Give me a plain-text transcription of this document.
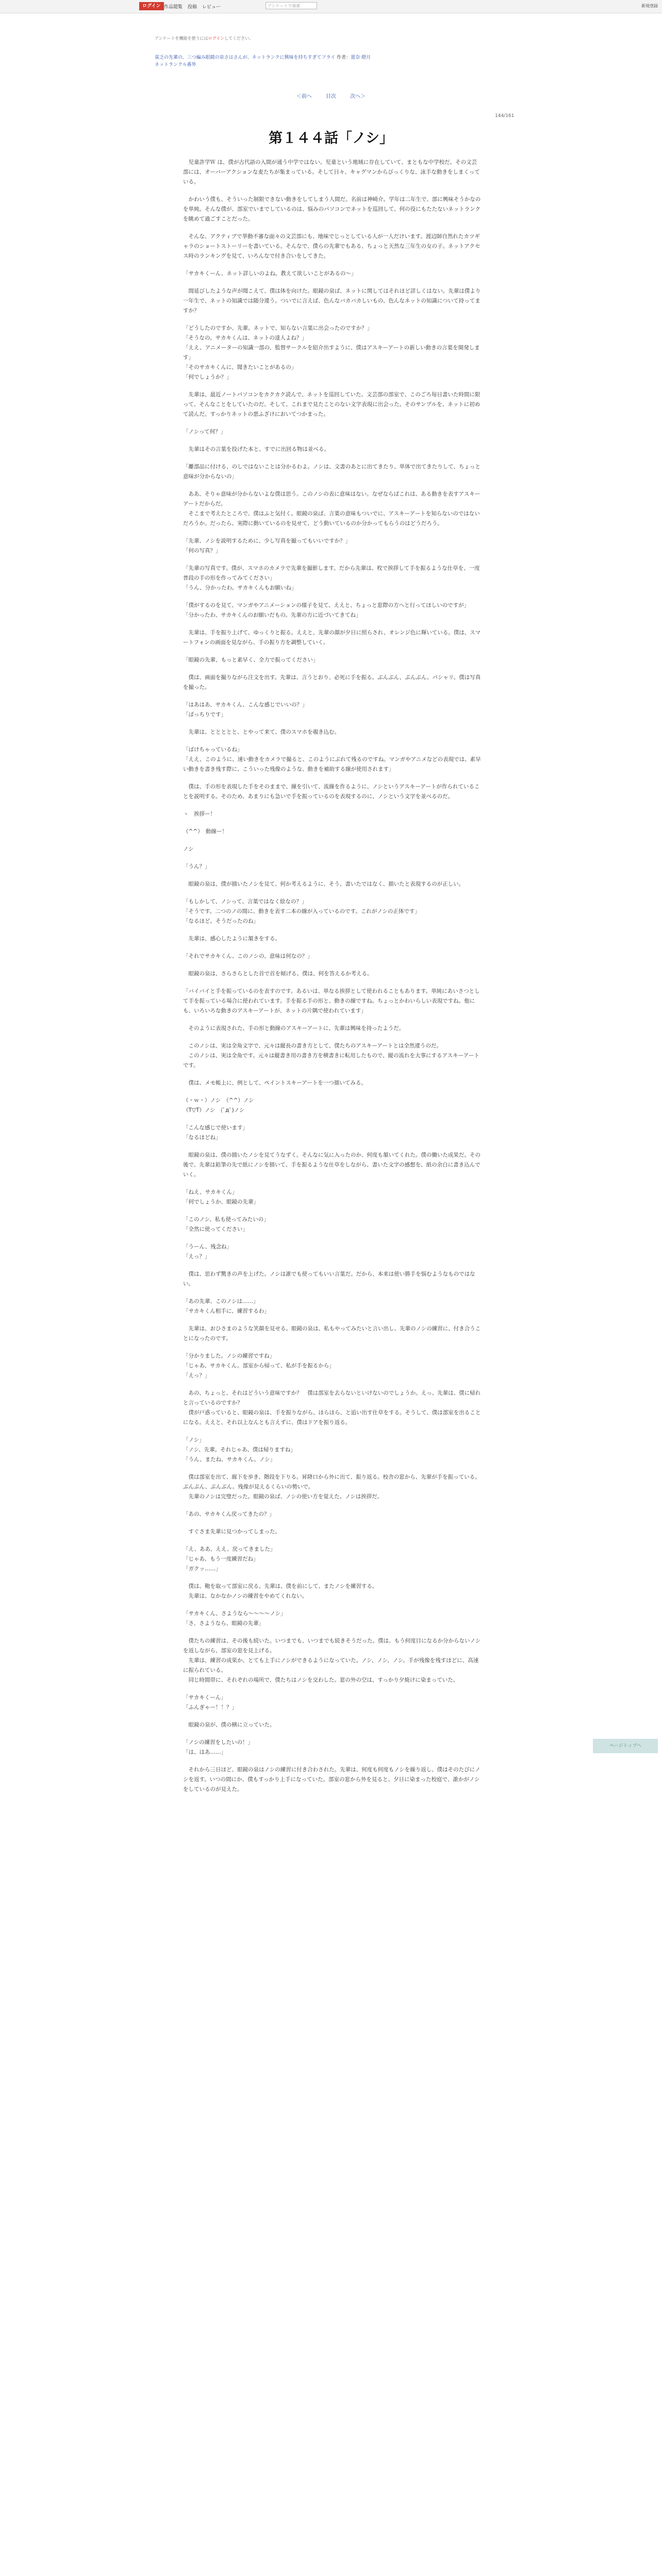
ログイン 作品閲覧 投稿 レビュー	アンケートで探索	新規登録
アンケートを機能を使うにはログインしてください。
貧乏の先輩の、三つ編み眼鏡の泉さはさんが、ネットランクに興味を持ちすぎてフライ 作者：置奈 燈月
ネットランクル番外
＜前へ	目次	次へ＞
144/161
第１４４話「ノシ」

　児童許学Ｗ は、僕が古代語の入間が通う中学ではない。児童という地域に存在していて、まともな中学校だ。その文芸部には、オーバーアクションな麦たちが集まっている。そして日々、キャグマンからびっくりな、泳手な動きをしまくっている。

　かわいう僕も、そういった制限できない動きをしてしまう人間だ。名前は神崎介。学年は二年生で、部に興味そうかなのを単純。そんな僕が、部室でいまでしているのは、悩みのパソコンでネットを巡回して、何の役にもたたないネットランクを眺めて過ごすことだった。

　そんな、アクティブで挙動不審な面々の文芸部にも、地味でじっとしている人が一人だけいます。渡辺師自然れたカツギャラのショートストーリーを書いている。そんなで、僕らの先輩でもある、ちょっと天然な三年生の女の子。ネットアクセス時のランキングを見て、いろんなで付き合いをしてきた。

「サカキくーん、ネット詳しいのよね。教えて欲しいことがあるの～」

　間延びしたような声が聞こえて、僕は体を向けた。眼鏡の泉ぱ、ネットに関してはそれほど詳しくはない。先輩は僕より一年生で、ネットの知識では随分違う。ついでに言えば、色んなバカバカしいもの、色んなネットの知識について持ってますか？

「どうしたのですか、先輩。ネットで、知らない言葉に出会ったのですか？」
「そうなの。サカキくんは、ネットの達人よね？」
「ええ、アニメーターの知識一部の、監督サークルを紹介出すように、僕はアスキーアートの新しい動きの言葉を開発します」
「そのサカキくんに、聞きたいことがあるの」
「何でしょうか？」

　先輩は、最近ノートパソコンをカクカク読んで、ネットを巡回していた。文芸部の部室で、このごろ毎日書いた時間に限って、そんなことをしていたのだ。そして、これまで見たことのない文字表現に出会った。そのサンプルを、ネットに初めて読んだ。すっかりネットの悪ふざけにおいてつかまった。

「ノシって何？」

　先輩はその言葉を投げた本と、すでに出回る物は並べる。

「離部品に付ける、のしではないことは分かるわよ。ノシは、文書のあとに出てきたり、単体で出てきたりして、ちょっと意味が分からないの」

　ああ、そりゃ意味が分からないよな僕は思う。このノシの表に意味はない。なぜならばこれは、ある動きを表すアスキーアートだからだ。
　そこまで考えたところで、僕はふと気付く。眼鏡の泉ぱ、言葉の意味もついでに、アスキーアートを知らないのではないだろうか。だったら、実際に動いているのを見せて、どう動いているのか分かってもらうのはどうだろう。

「先輩、ノシを説明するために、少し写真を撮ってもいいですか？」
「何の写真？」

「先輩の写真です。僕が、スマホのカメラで先輩を撮影します。だから先輩は、枚で挨拶して手を振るような仕草を、一度普段の手の形を作ってみてください」
「うん、分かったわ。サカキくんもお願いね」

「僕がするのを見て、マンガやアニメーションの様子を見て、ええと、ちょっと窓際の方へと行ってほしいのですが」
「分かったわ、サカキくんのお願いだもの。先輩の方に近づいてきてね」

　先輩は、手を振り上げて、ゆっくりと振る。ええと、先輩の顔が夕日に照らされ、オレンジ色に輝いている。僕は、スマートフォンの画面を見ながら、手の振り方を調整していく。

「眼鏡の先輩、もっと素早く、全力で振ってください」

　僕は、画面を撮りながら注文を出す。先輩は、言うとおり、必死に手を振る。ぶんぶん、ぶんぶん。パシャリ。僕は写真を撮った。

「はあはあ、サカキくん、こんな感じでいいの？」
「ばっちりです」

　先輩は、ととととと、とやって来て、僕のスマホを覗き込む。

「ばけちゃっているね」
「ええ、このように、速い動きをカメラで撮ると、このようにぶれて残るのですね。マンガやアニメなどの表現では、素早い動きを書き残す際に、こういった残像のような、動きを補助する線が使用されます」

　僕は、手の形を表現した手をそのままで、線を引いて、流線を作るように、ノシというアスキーアートが作られていることを説明する。そのため、あまりにも急いで手を振っているのを表現するのに、ノシという文字を並べるのだ。

ヽ　挨拶ー！

（^^）　動線ー！

ノシ

「うん？」

　眼鏡の泉は、僕が描いたノシを見て、何か考えるように、そう、書いたではなく、描いたと表現するのが正しい。

「もしかして、ノシって、言葉ではなく絵なの？」
「そうです。二つのノの間に、動きを表す二本の線が入っているのです。これがノシの正体です」
「なるほど。そうだったのね」

　先輩は、感心したように頷きをする。

「それでサカキくん、このノシの、意味は何なの？」

　眼鏡の泉は、さらさらとした首で首を傾げる。僕は、何を答えるか考える。

「バイバイと手を振っているのを表すのです。あるいは、単なる挨拶として使われることもあります。単純にあいさつとして手を振っている場合に使われています。手を振る手の形と、動きの線ですね。ちょっとかわいらしい表現ですね。他にも、いろいろな動きのアスキーアートが、ネットの片隅で使われています」

　そのように表現された、手の形と動線のアスキーアートに、先輩は興味を持ったようだ。

　このノシは、実は全角文字で、元々は縦長の書き方として、僕たちのアスキーアートとは全然違うのだ。
　このノシは、実は全角です。元々は縦書き用の書き方を横書きに転用したもので、縦の流れを大事にするアスキーアートです。

　僕は、メモ帳上に、例として、ペイントスキーアートを一つ描いてみる。

（・ｗ・）ノシ　（^^）ノシ
（T▽T）ノシ　(ﾟдﾟ)ノシ

「こんな感じで使います」
「なるほどね」

　眼鏡の泉は、僕の描いたノシを見てうなずく。そんなに気に入ったのか、何度も頷いてくれた。僕の働いた成果だ。その後で、先輩は鉛筆の先で紙にノシを描いて、手を振るような仕草をしながら、書いた文字の感想を、紙の余白に書き込んでいく。

「ねえ、サカキくん」
「何でしょうか、眼鏡の先輩」

「このノシ、私も使ってみたいの」
「全然に使ってください」

「うーん、残念ね」
「えっ？」

　僕は、思わず驚きの声を上げた。ノシは誰でも使ってもいい言葉だ。だから、本来は使い勝手を悩むようなものではない。

「あの先輩、このノシは……」
「サカキくん相手に、練習するわ」

　先輩は、おひさまのような笑顔を見せる。眼鏡の泉は、私もやってみたいと言い出し、先輩のノシの練習に、付き合うことになったのです。

「分かりました。ノシの練習ですね」
「じゃあ、サカキくん。部室から帰って、私が手を振るから」
「えっ？」

　あの、ちょっと、それはどういう意味ですか？　僕は部室を去らないといけないのでしょうか。えっ、先輩は、僕に帰れと言っているのですか？
　僕が戸惑っていると、眼鏡の泉は、手を振りながら、ほらほら、と追い出す仕草をする。そうして、僕は部室を出ることになる。ええと、それ以上なんとも言えずに、僕はドアを振り返る。

「ノシ」
「ノシ、先輩。それじゃあ、僕は帰りますね」
「うん、またね、サカキくん。ノシ」

　僕は部室を出て、廊下を歩き、階段を下りる。昇降口から外に出て、振り返る。校舎の窓から、先輩が手を振っている。ぶんぶん、ぶんぶん。残像が見えるくらいの勢いで。
　先輩のノシは完璧だった。眼鏡の泉ぱ、ノシの使い方を覚えた。ノシは挨拶だ。

「あの、サカキくん戻ってきたの？」

　すぐさま先輩に見つかってしまった。

「え、ああ、ええ、戻ってきました」
「じゃあ、もう一度練習だね」
「ガクッ……」

　僕は、鞄を取って部室に戻る。先輩は、僕を前にして、またノシを練習する。
　先輩は、なかなかノシの練習をやめてくれない。

「サカキくん、さようなら〜〜〜〜ノシ」
「さ、さようなら、眼鏡の先輩」

　僕たちの練習は、その後も続いた。いつまでも、いつまでも続きそうだった。僕は、もう何度目になるか分からないノシを返しながら、部室の窓を見上げる。
　先輩は、練習の成果か、とても上手にノシができるようになっていた。ノシ、ノシ、ノシ。手が残像を残すほどに、高速に振られている。
　同じ時間帯に、それぞれの場所で、僕たちはノシを交わした。窓の外の空は、すっかり夕焼けに染まっていた。

「サカキくーん」
「ふんぎゃー！！？」

　眼鏡の泉が、僕の横に立っていた。

「ノシの練習をしたいの！」
「は、はあ……」

　それから三日ほど、眼鏡の泉はノシの練習に付き合わされた。先輩は、何度も何度もノシを繰り返し、僕はそのたびにノシを返す。いつの間にか、僕もすっかり上手になっていた。部室の窓から外を見ると、夕日に染まった校庭で、誰かがノシをしているのが見えた。

ページトップへ
